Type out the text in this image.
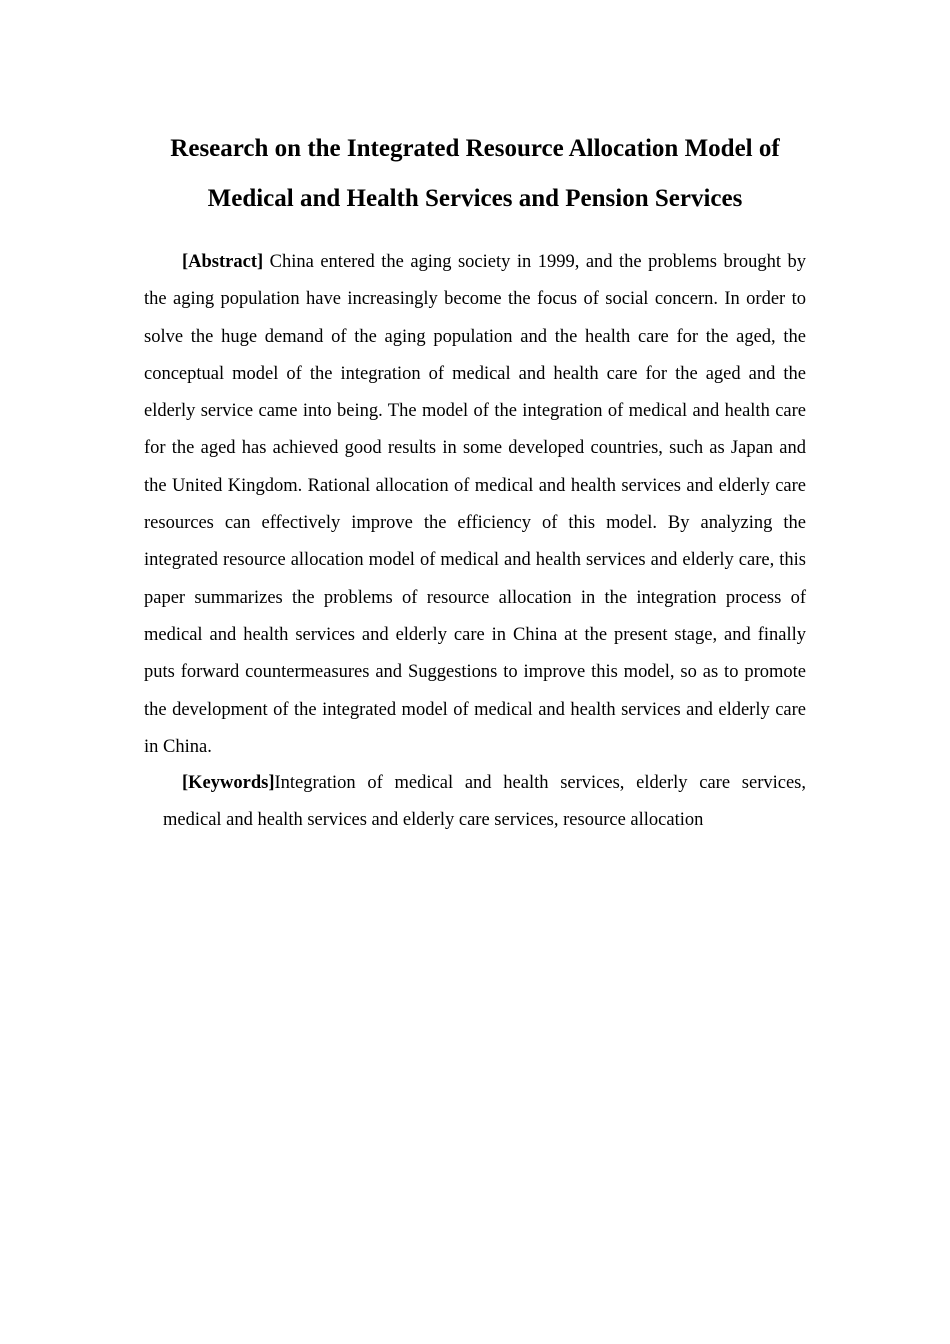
Research on the Integrated Resource Allocation Model of
Medical and Health Services and Pension Services

[Abstract] China entered the aging society in 1999, and the problems brought by the aging population have increasingly become the focus of social concern. In order to solve the huge demand of the aging population and the health care for the aged, the conceptual model of the integration of medical and health care for the aged and the elderly service came into being. The model of the integration of medical and health care for the aged has achieved good results in some developed countries, such as Japan and the United Kingdom. Rational allocation of medical and health services and elderly care resources can effectively improve the efficiency of this model. By analyzing the integrated resource allocation model of medical and health services and elderly care, this paper summarizes the problems of resource allocation in the integration process of medical and health services and elderly care in China at the present stage, and finally puts forward countermeasures and Suggestions to improve this model, so as to promote the development of the integrated model of medical and health services and elderly care in China.

[Keywords]Integration of medical and health services, elderly care services,
medical and health services and elderly care services, resource allocation
